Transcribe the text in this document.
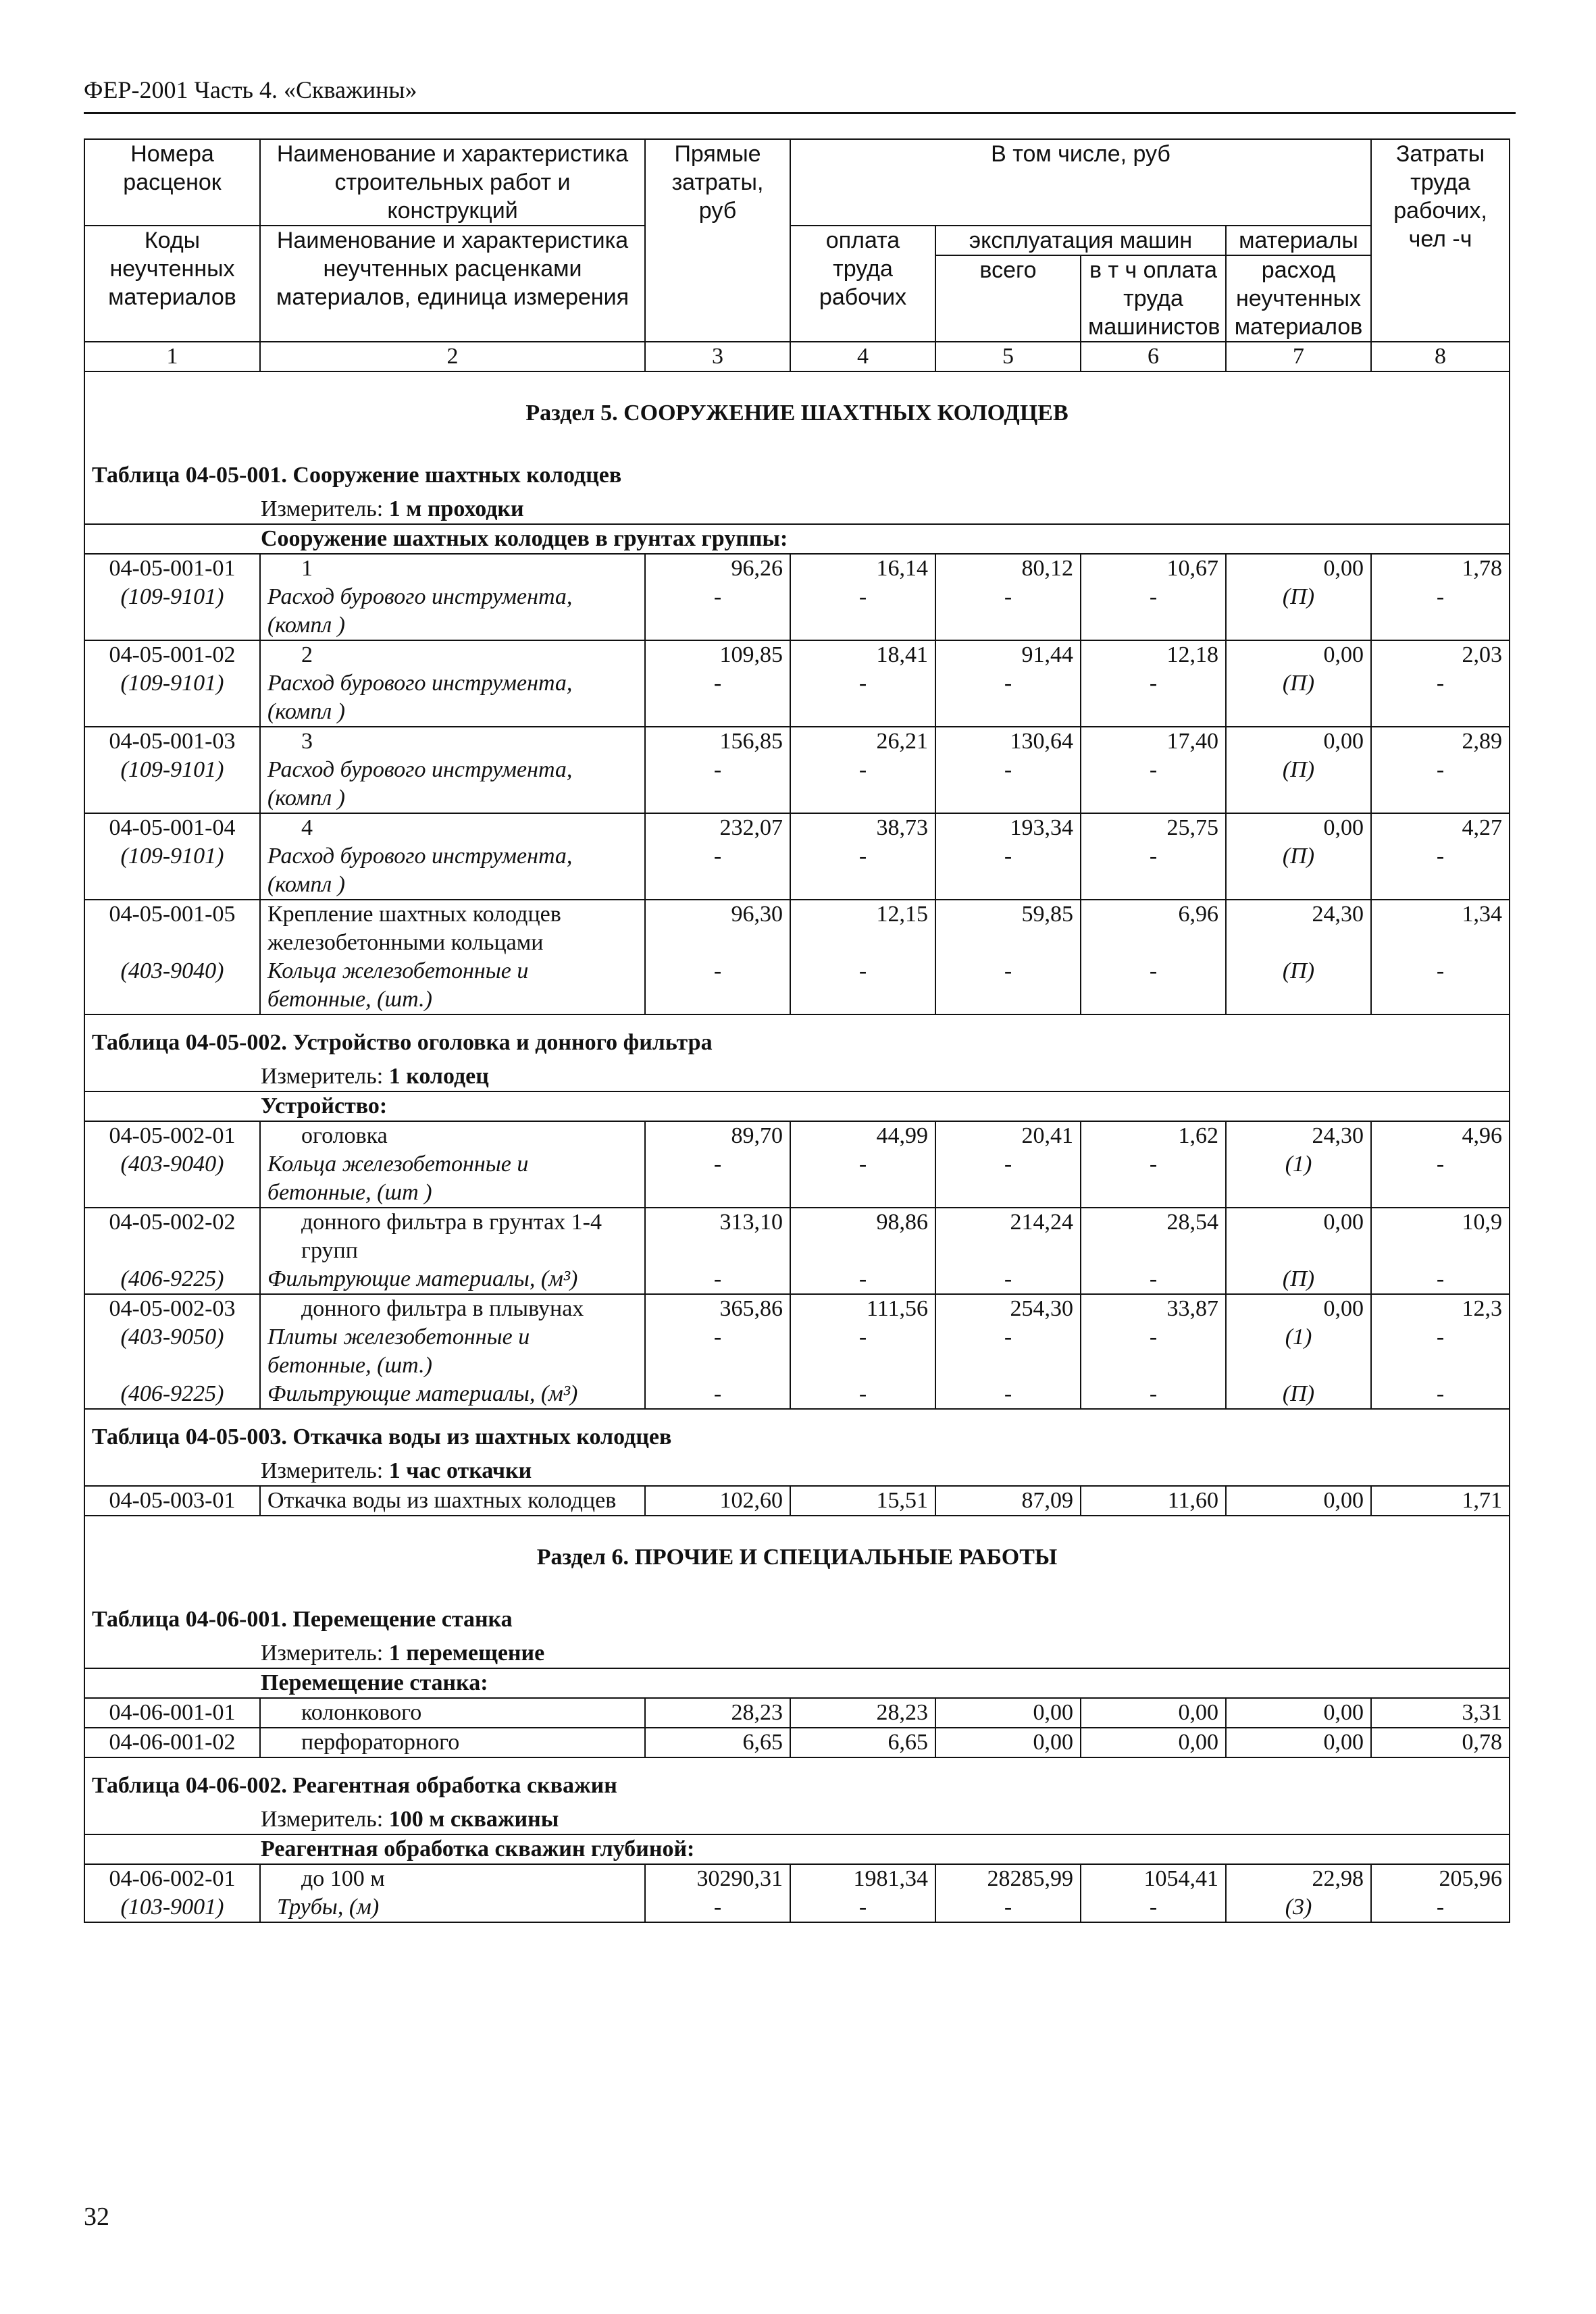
ФЕР-2001 Часть 4. «Скважины»
Номера расценок	Наименование и характеристика строительных работ и конструкций	Прямые затраты, руб	В том числе, руб				Затраты труда рабочих, чел -ч
Коды неучтенных материалов	Наименование и характеристика неучтенных расценками материалов, единица измерения		оплата труда рабочих	эксплуатация машин		материалы	
				всего	в т ч оплата труда машинистов	расход неучтенных материалов	
1	2	3	4	5	6	7	8
Раздел 5. СООРУЖЕНИЕ ШАХТНЫХ КОЛОДЦЕВ							
Таблица 04-05-001. Сооружение шахтных колодцев							
Измеритель: 1 м проходки							
Сооружение шахтных колодцев в грунтах группы:							
04-05-001-01	1	96,26	16,14	80,12	10,67	0,00	1,78
(109-9101)	Расход бурового инструмента, (компл )	-	-	-	-	(П)	-
04-05-001-02	2	109,85	18,41	91,44	12,18	0,00	2,03
(109-9101)	Расход бурового инструмента, (компл )	-	-	-	-	(П)	-
04-05-001-03	3	156,85	26,21	130,64	17,40	0,00	2,89
(109-9101)	Расход бурового инструмента, (компл )	-	-	-	-	(П)	-
04-05-001-04	4	232,07	38,73	193,34	25,75	0,00	4,27
(109-9101)	Расход бурового инструмента, (компл )	-	-	-	-	(П)	-
04-05-001-05	Крепление шахтных колодцев железобетонными кольцами	96,30	12,15	59,85	6,96	24,30	1,34
(403-9040)	Кольца железобетонные и бетонные, (шт.)	-	-	-	-	(П)	-
Таблица 04-05-002. Устройство оголовка и донного фильтра							
Измеритель: 1 колодец							
Устройство:							
04-05-002-01	оголовка	89,70	44,99	20,41	1,62	24,30	4,96
(403-9040)	Кольца железобетонные и бетонные, (шт )	-	-	-	-	(1)	-
04-05-002-02	донного фильтра в грунтах 1-4 групп	313,10	98,86	214,24	28,54	0,00	10,9
(406-9225)	Фильтрующие материалы, (м³)	-	-	-	-	(П)	-
04-05-002-03	донного фильтра в плывунах	365,86	111,56	254,30	33,87	0,00	12,3
(403-9050)	Плиты железобетонные и бетонные, (шт.)	-	-	-	-	(1)	-
(406-9225)	Фильтрующие материалы, (м³)	-	-	-	-	(П)	-
Таблица 04-05-003. Откачка воды из шахтных колодцев							
Измеритель: 1 час откачки							
04-05-003-01	Откачка воды из шахтных колодцев	102,60	15,51	87,09	11,60	0,00	1,71
Раздел 6. ПРОЧИЕ И СПЕЦИАЛЬНЫЕ РАБОТЫ							
Таблица 04-06-001. Перемещение станка							
Измеритель: 1 перемещение							
Перемещение станка:							
04-06-001-01	колонкового	28,23	28,23	0,00	0,00	0,00	3,31
04-06-001-02	перфораторного	6,65	6,65	0,00	0,00	0,00	0,78
Таблица 04-06-002. Реагентная обработка скважин							
Измеритель: 100 м скважины							
Реагентная обработка скважин глубиной:							
04-06-002-01	до 100 м	30290,31	1981,34	28285,99	1054,41	22,98	205,96
(103-9001)	Трубы, (м)	-	-	-	-	(3)	-
32
